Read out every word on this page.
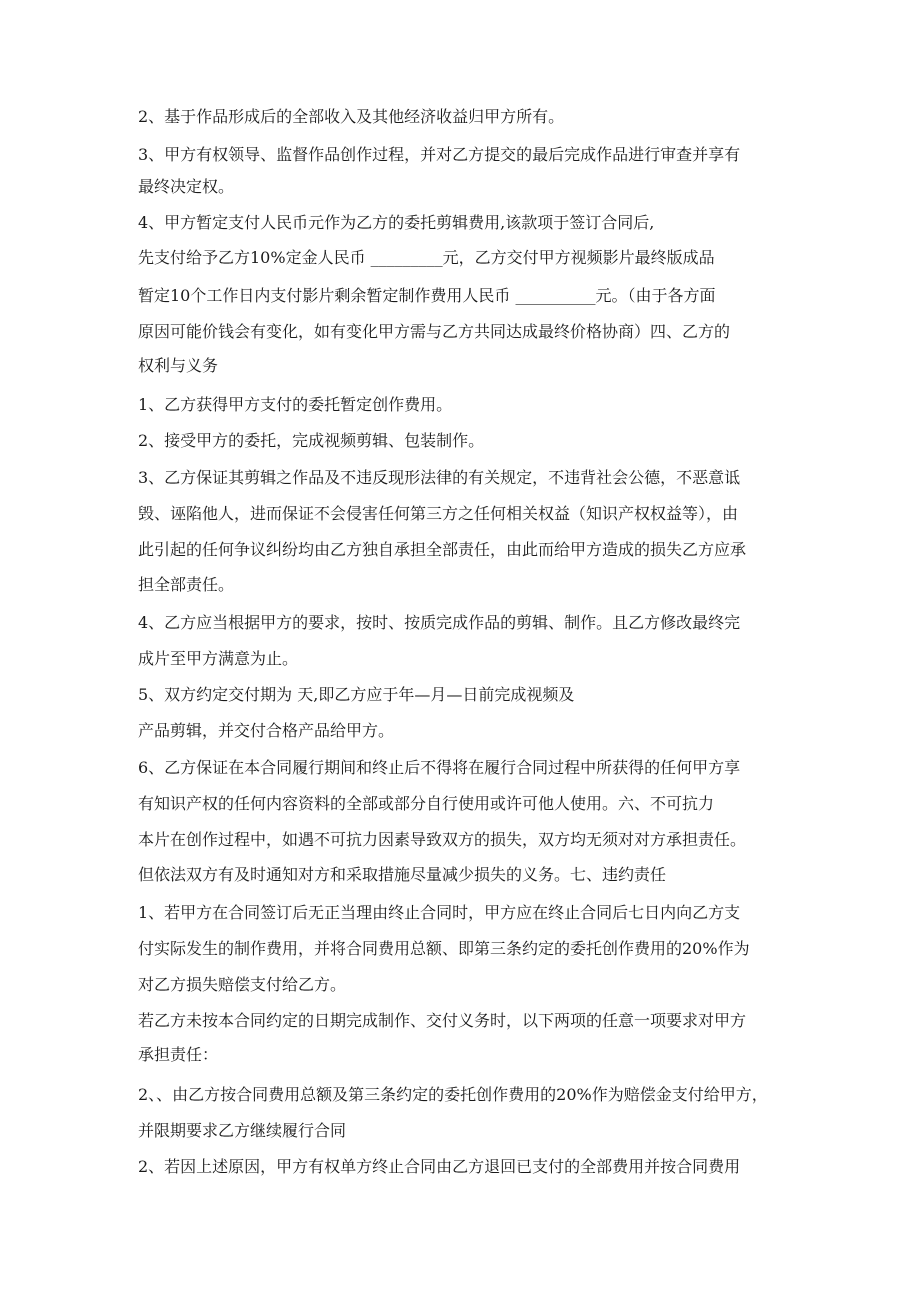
2、基于作品形成后的全部收入及其他经济收益归甲方所有。
3、甲方有权领导、监督作品创作过程，并对乙方提交的最后完成作品进行审查并享有
最终决定权。
4、甲方暂定支付人民币元作为乙方的委托剪辑费用,该款项于签订合同后,
先支付给予乙方10%定金人民币 _________元，乙方交付甲方视频影片最终版成品
暂定10个工作日内支付影片剩余暂定制作费用人民币 __________元。（由于各方面
原因可能价钱会有变化，如有变化甲方需与乙方共同达成最终价格协商）四、乙方的
权利与义务
1、乙方获得甲方支付的委托暂定创作费用。
2、接受甲方的委托，完成视频剪辑、包装制作。
3、乙方保证其剪辑之作品及不违反现形法律的有关规定，不违背社会公德，不恶意诋
毁、诬陷他人，进而保证不会侵害任何第三方之任何相关权益（知识产权权益等），由
此引起的任何争议纠纷均由乙方独自承担全部责任，由此而给甲方造成的损失乙方应承
担全部责任。
4、乙方应当根据甲方的要求，按时、按质完成作品的剪辑、制作。且乙方修改最终完
成片至甲方满意为止。
5、双方约定交付期为 天,即乙方应于年—月—日前完成视频及
产品剪辑，并交付合格产品给甲方。
6、乙方保证在本合同履行期间和终止后不得将在履行合同过程中所获得的任何甲方享
有知识产权的任何内容资料的全部或部分自行使用或许可他人使用。六、不可抗力
本片在创作过程中，如遇不可抗力因素导致双方的损失，双方均无须对对方承担责任。
但依法双方有及时通知对方和采取措施尽量减少损失的义务。七、违约责任
1、若甲方在合同签订后无正当理由终止合同时，甲方应在终止合同后七日内向乙方支
付实际发生的制作费用，并将合同费用总额、即第三条约定的委托创作费用的20%作为
对乙方损失赔偿支付给乙方。
若乙方未按本合同约定的日期完成制作、交付义务时，以下两项的任意一项要求对甲方
承担责任：
2、、由乙方按合同费用总额及第三条约定的委托创作费用的20%作为赔偿金支付给甲方，
并限期要求乙方继续履行合同
2、若因上述原因，甲方有权单方终止合同由乙方退回已支付的全部费用并按合同费用
